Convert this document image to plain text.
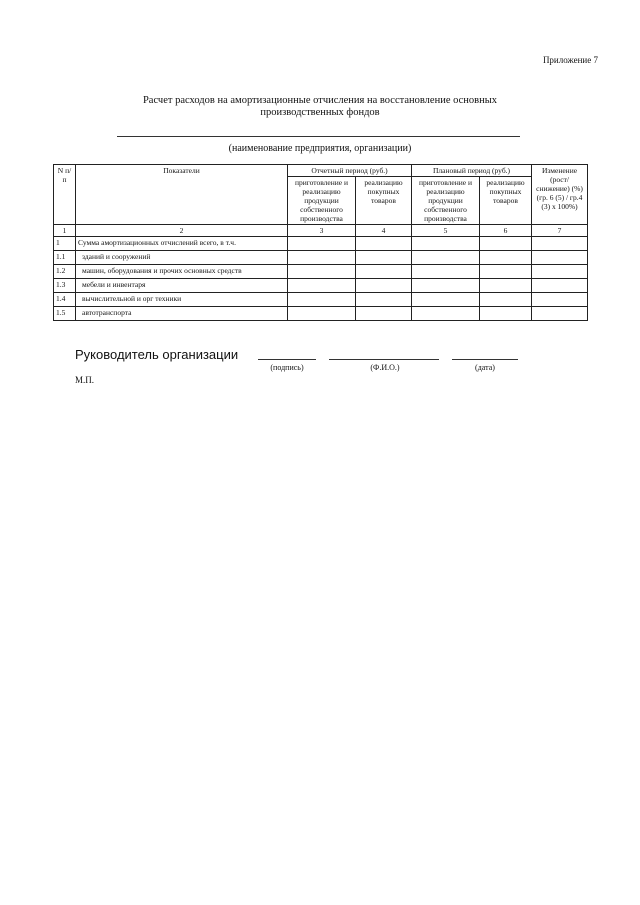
Приложение 7
Расчет расходов на амортизационные отчисления на восстановление основных
производственных фондов
(наименование предприятия, организации)
N п/п	Показатели	Отчетный период (руб.)		Плановый период (руб.)		Изменение (рост/ снижение) (%) (гр. 6 (5) / гр.4 (3) х 100%)
		приготовление и реализацию продукции собственного производства	реализацию покупных товаров	приготовление и реализацию продукции собственного производства	реализацию покупных товаров	
1	2	3	4	5	6	7
1	Сумма амортизационных отчислений всего, в т.ч.					
1.1	зданий и сооружений					
1.2	машин, оборудования и прочих основных средств					
1.3	мебели и инвентаря					
1.4	вычислительной и орг техники					
1.5	автотранспорта					
Руководитель организации
(подпись)	(Ф.И.О.)	(дата)
М.П.
